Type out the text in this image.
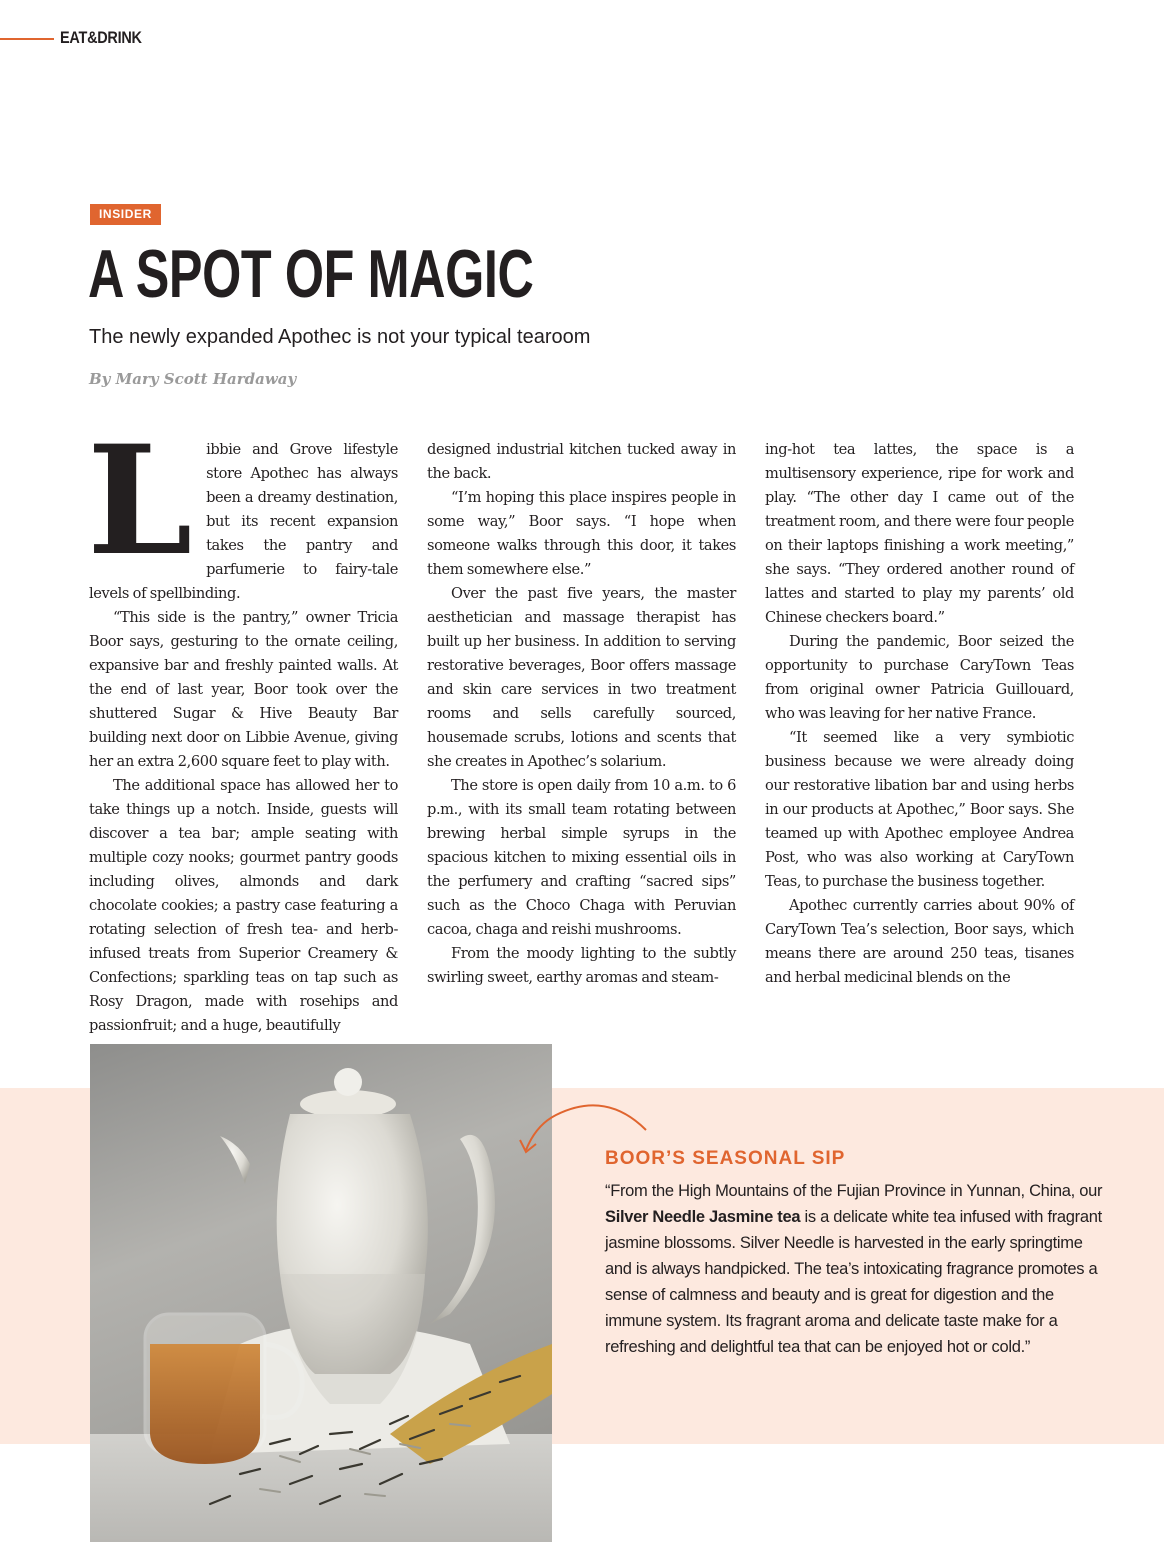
EAT&DRINK
INSIDER
A SPOT OF MAGIC
The newly expanded Apothec is not your typical tearoom
By Mary Scott Hardaway
L ibbie and Grove lifestyle store Apothec has always been a dreamy destination, but its recent expansion takes the pantry and parfumerie to fairy-tale levels of spellbinding.

“This side is the pantry,” owner Tricia Boor says, gesturing to the ornate ceiling, expansive bar and freshly painted walls. At the end of last year, Boor took over the shuttered Sugar & Hive Beauty Bar building next door on Libbie Avenue, giving her an extra 2,600 square feet to play with.

The additional space has allowed her to take things up a notch. Inside, guests will discover a tea bar; ample seating with multiple cozy nooks; gourmet pantry goods including olives, almonds and dark chocolate cookies; a pastry case featuring a rotating selection of fresh tea- and herb-infused treats from Superior Creamery & Confections; sparkling teas on tap such as Rosy Dragon, made with rosehips and passionfruit; and a huge, beautifully

designed industrial kitchen tucked away in the back.

“I’m hoping this place inspires people in some way,” Boor says. “I hope when someone walks through this door, it takes them somewhere else.”

Over the past five years, the master aesthetician and massage therapist has built up her business. In addition to serving restorative beverages, Boor offers massage and skin care services in two treatment rooms and sells carefully sourced, housemade scrubs, lotions and scents that she creates in Apothec’s solarium.

The store is open daily from 10 a.m. to 6 p.m., with its small team rotating between brewing herbal simple syrups in the spacious kitchen to mixing essential oils in the perfumery and crafting “sacred sips” such as the Choco Chaga with Peruvian cacoa, chaga and reishi mushrooms.

From the moody lighting to the subtly swirling sweet, earthy aromas and steam-

ing-hot tea lattes, the space is a multisensory experience, ripe for work and play. “The other day I came out of the treatment room, and there were four people on their laptops finishing a work meeting,” she says. “They ordered another round of lattes and started to play my parents’ old Chinese checkers board.”

During the pandemic, Boor seized the opportunity to purchase CaryTown Teas from original owner Patricia Guillouard, who was leaving for her native France.

“It seemed like a very symbiotic business because we were already doing our restorative libation bar and using herbs in our products at Apothec,” Boor says. She teamed up with Apothec employee Andrea Post, who was also working at CaryTown Teas, to purchase the business together.

Apothec currently carries about 90% of CaryTown Tea’s selection, Boor says, which means there are around 250 teas, tisanes and herbal medicinal blends on the

BOOR’S SEASONAL SIP
“From the High Mountains of the Fujian Province in Yunnan, China, our Silver Needle Jasmine tea is a delicate white tea infused with fragrant jasmine blossoms. Silver Needle is harvested in the early springtime and is always handpicked. The tea’s intoxicating fragrance promotes a sense of calmness and beauty and is great for digestion and the immune system. Its fragrant aroma and delicate taste make for a refreshing and delightful tea that can be enjoyed hot or cold.”
